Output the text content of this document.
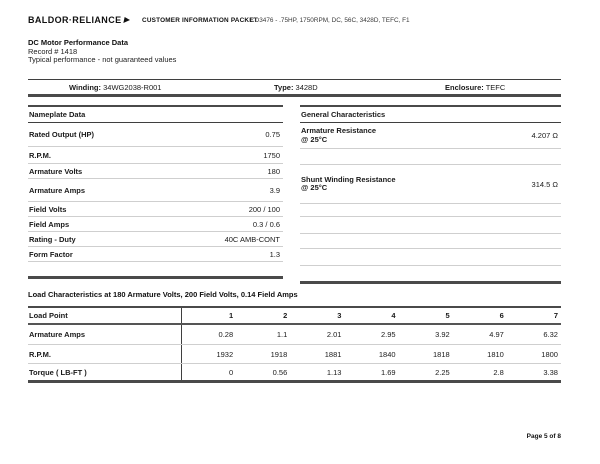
BALDOR·RELIANCE	CUSTOMER INFORMATION PACKET
CD3476 - .75HP, 1750RPM, DC, 56C, 3428D, TEFC, F1
DC Motor Performance Data
Record # 1418
Typical performance - not guaranteed values
Winding: 34WG2038-R001	Type: 3428D	Enclosure: TEFC
Nameplate Data
Rated Output (HP)	0.75
R.P.M.	1750
Armature Volts	180
Armature Amps	3.9
Field Volts	200 / 100
Field Amps	0.3 / 0.6
Rating - Duty	40C AMB-CONT
Form Factor	1.3
General Characteristics
Armature Resistance
@ 25°C	4.207 Ω
Shunt Winding Resistance
@ 25°C	314.5 Ω
Load Characteristics at 180 Armature Volts, 200 Field Volts, 0.14 Field Amps
Load Point	1	2	3	4	5	6	7
Armature Amps	0.28	1.1	2.01	2.95	3.92	4.97	6.32
R.P.M.	1932	1918	1881	1840	1818	1810	1800
Torque ( LB-FT )	0	0.56	1.13	1.69	2.25	2.8	3.38
Page 5 of 8
